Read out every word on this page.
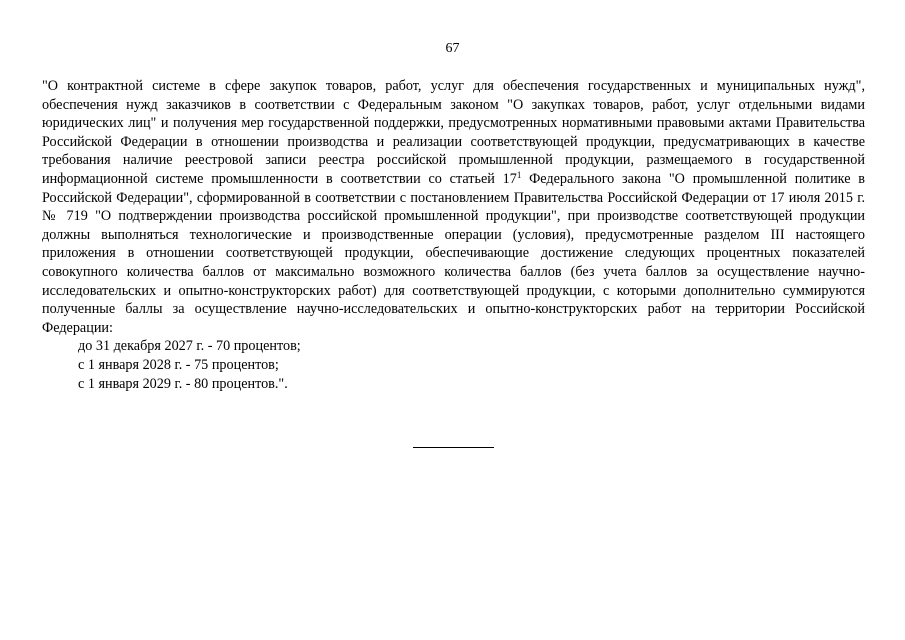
67

"О контрактной системе в сфере закупок товаров, работ, услуг для обеспечения государственных и муниципальных нужд", обеспечения нужд заказчиков в соответствии с Федеральным законом "О закупках товаров, работ, услуг отдельными видами юридических лиц" и получения мер государственной поддержки, предусмотренных нормативными правовыми актами Правительства Российской Федерации в отношении производства и реализации соответствующей продукции, предусматривающих в качестве требования наличие реестровой записи реестра российской промышленной продукции, размещаемого в государственной информационной системе промышленности в соответствии со статьей $17^1$ Федерального закона "О промышленной политике в Российской Федерации", сформированной в соответствии с постановлением Правительства Российской Федерации от 17 июля 2015 г. № 719 "О подтверждении производства российской промышленной продукции", при производстве соответствующей продукции должны выполняться технологические и производственные операции (условия), предусмотренные разделом III настоящего приложения в отношении соответствующей продукции, обеспечивающие достижение следующих процентных показателей совокупного количества баллов от максимально возможного количества баллов (без учета баллов за осуществление научно-исследовательских и опытно-конструкторских работ) для соответствующей продукции, с которыми дополнительно суммируются полученные баллы за осуществление научно-исследовательских и опытно-конструкторских работ на территории Российской Федерации:

до 31 декабря 2027 г. - 70 процентов;

с 1 января 2028 г. - 75 процентов;

с 1 января 2029 г. - 80 процентов.".
